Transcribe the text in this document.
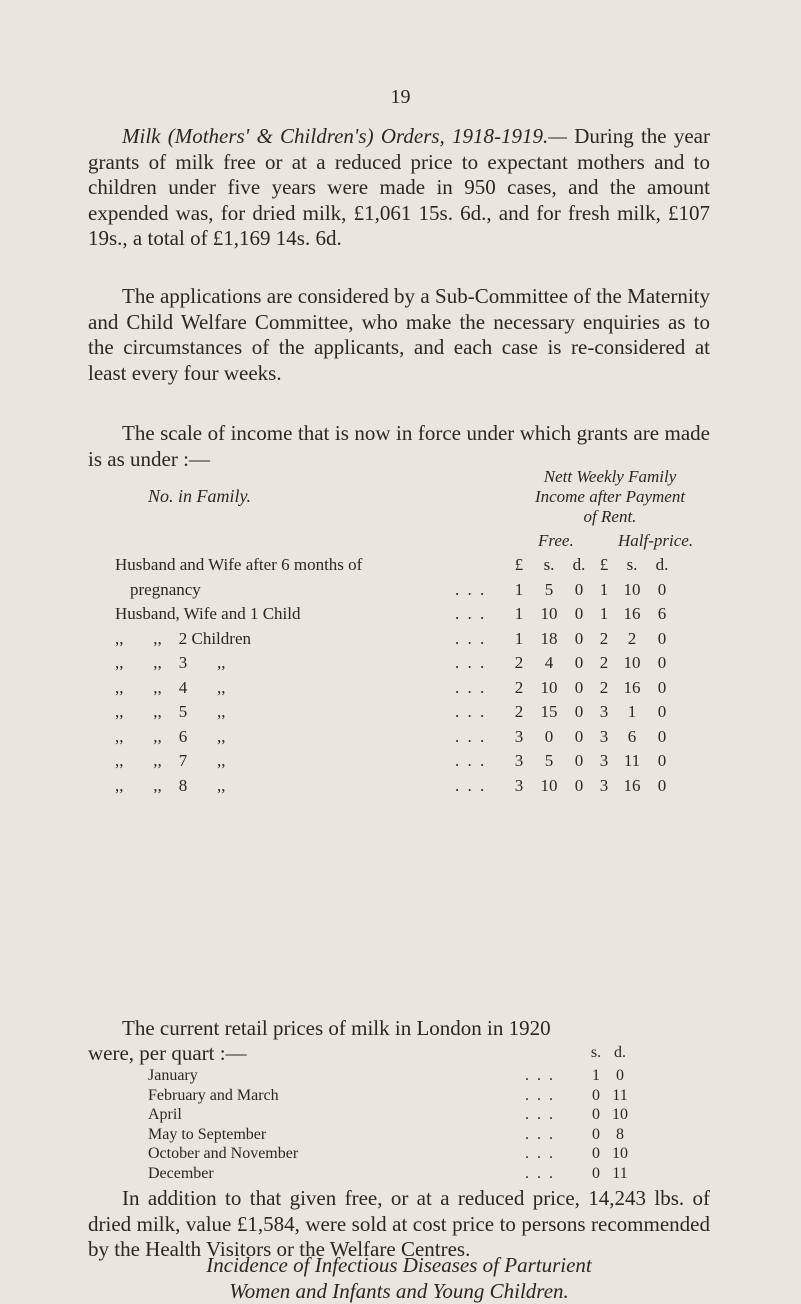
19
Milk (Mothers' & Children's) Orders, 1918-1919.— During the year grants of milk free or at a reduced price to expectant mothers and to children under five years were made in 950 cases, and the amount expended was, for dried milk, £1,061 15s. 6d., and for fresh milk, £107 19s., a total of £1,169 14s. 6d.
The applications are considered by a Sub-Committee of the Maternity and Child Welfare Committee, who make the necessary enquiries as to the circumstances of the applicants, and each case is re-considered at least every four weeks.
The scale of income that is now in force under which grants are made is as under :—
No. in Family.
Nett Weekly Family
Income after Payment
of Rent.
Free.	Half-price.
£	s.	d. £	s.	d.
Husband and Wife after 6 months of
pregnancy	. . .	1	5	0 1 10	0
Husband, Wife and 1 Child	. . .	1	10	0 1 16	6
,,       ,,    2 Children	. . .	1	18	0 2	2	0
,,       ,,    3       ,,	. . .	2	4	0 2 10	0
,,       ,,    4       ,,	. . .	2	10	0 2 16	0
,,       ,,    5       ,,	. . .	2	15	0 3	1	0
,,       ,,    6       ,,	. . .	3	0	0 3	6	0
,,       ,,    7       ,,	. . .	3	5	0 3 11	0
,,       ,,    8       ,,	. . .	3	10	0 3 16	0
The current retail prices of milk in London in 1920
were, per quart :—	s. d.
January	. . .	1	0
February and March	. . .	0 11
April	. . .	0 10
May to September	. . .	0	8
October and November	. . .	0 10
December	. . .	0 11
In addition to that given free, or at a reduced price, 14,243 lbs. of dried milk, value £1,584, were sold at cost price to persons recommended by the Health Visitors or the Welfare Centres.
Incidence of Infectious Diseases of Parturient
Women and Infants and Young Children.
